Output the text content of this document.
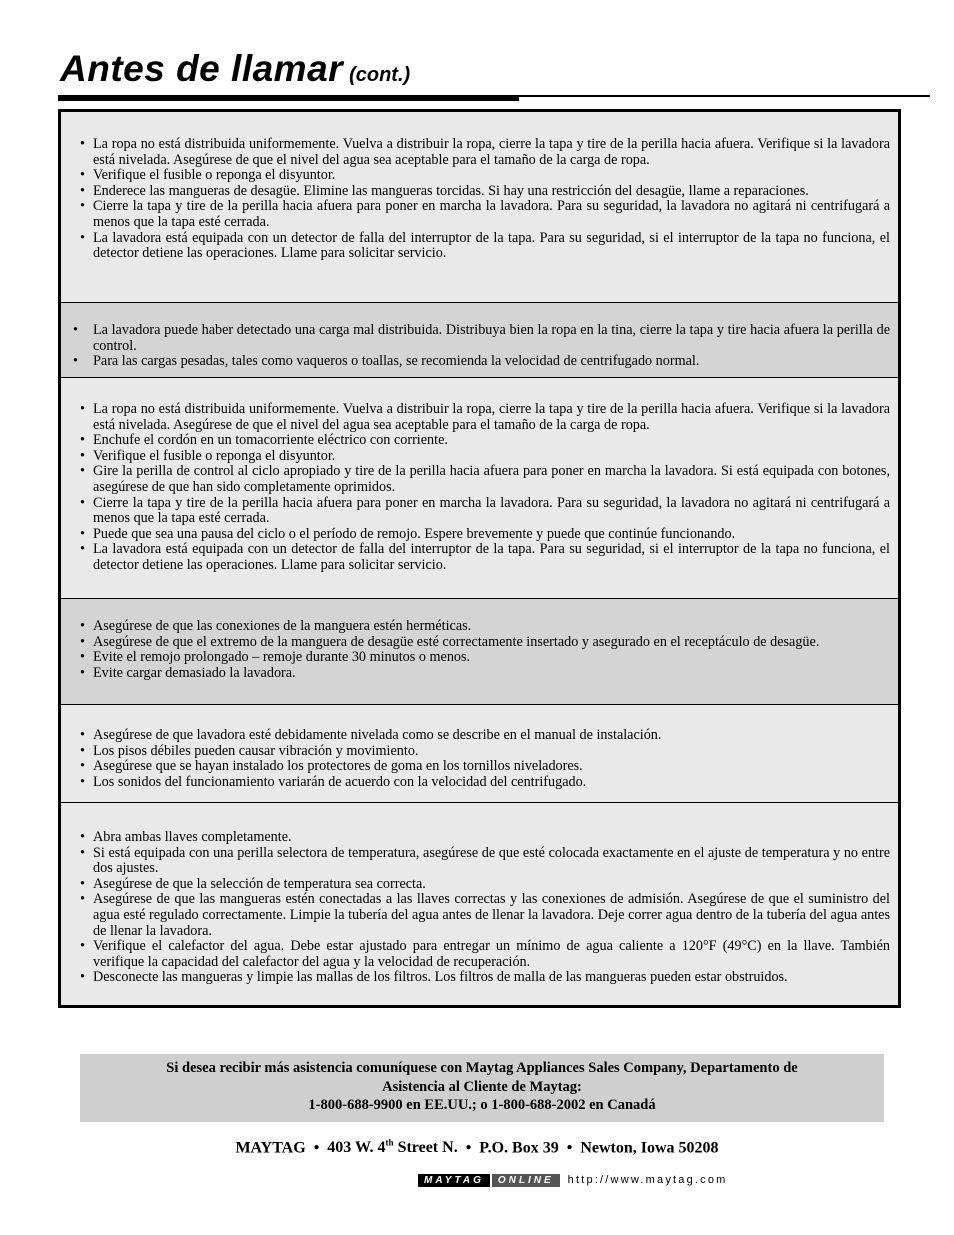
Antes de llamar (cont.)
• La ropa no está distribuida uniformemente. Vuelva a distribuir la ropa, cierre la tapa y tire de la perilla hacia afuera. Verifique si la lavadora está nivelada. Asegúrese de que el nivel del agua sea aceptable para el tamaño de la carga de ropa.
• Verifique el fusible o reponga el disyuntor.
• Enderece las mangueras de desagüe. Elimine las mangueras torcidas. Si hay una restricción del desagüe, llame a reparaciones.
• Cierre la tapa y tire de la perilla hacia afuera para poner en marcha la lavadora. Para su seguridad, la lavadora no agitará ni centrifugará a menos que la tapa esté cerrada.
• La lavadora está equipada con un detector de falla del interruptor de la tapa. Para su seguridad, si el interruptor de la tapa no funciona, el detector detiene las operaciones. Llame para solicitar servicio.
• La lavadora puede haber detectado una carga mal distribuida. Distribuya bien la ropa en la tina, cierre la tapa y tire hacia afuera la perilla de control.
• Para las cargas pesadas, tales como vaqueros o toallas, se recomienda la velocidad de centrifugado normal.
• La ropa no está distribuida uniformemente. Vuelva a distribuir la ropa, cierre la tapa y tire de la perilla hacia afuera. Verifique si la lavadora está nivelada. Asegúrese de que el nivel del agua sea aceptable para el tamaño de la carga de ropa.
• Enchufe el cordón en un tomacorriente eléctrico con corriente.
• Verifique el fusible o reponga el disyuntor.
• Gire la perilla de control al ciclo apropiado y tire de la perilla hacia afuera para poner en marcha la lavadora. Si está equipada con botones, asegúrese de que han sido completamente oprimidos.
• Cierre la tapa y tire de la perilla hacia afuera para poner en marcha la lavadora. Para su seguridad, la lavadora no agitará ni centrifugará a menos que la tapa esté cerrada.
• Puede que sea una pausa del ciclo o el período de remojo. Espere brevemente y puede que continúe funcionando.
• La lavadora está equipada con un detector de falla del interruptor de la tapa. Para su seguridad, si el interruptor de la tapa no funciona, el detector detiene las operaciones. Llame para solicitar servicio.
• Asegúrese de que las conexiones de la manguera estén herméticas.
• Asegúrese de que el extremo de la manguera de desagüe esté correctamente insertado y asegurado en el receptáculo de desagüe.
• Evite el remojo prolongado – remoje durante 30 minutos o menos.
• Evite cargar demasiado la lavadora.
• Asegúrese de que lavadora esté debidamente nivelada como se describe en el manual de instalación.
• Los pisos débiles pueden causar vibración y movimiento.
• Asegúrese que se hayan instalado los protectores de goma en los tornillos niveladores.
• Los sonidos del funcionamiento variarán de acuerdo con la velocidad del centrifugado.
• Abra ambas llaves completamente.
• Si está equipada con una perilla selectora de temperatura, asegúrese de que esté colocada exactamente en el ajuste de temperatura y no entre dos ajustes.
• Asegúrese de que la selección de temperatura sea correcta.
• Asegúrese de que las mangueras estén conectadas a las llaves correctas y las conexiones de admisión. Asegúrese de que el suministro del agua esté regulado correctamente. Limpie la tubería del agua antes de llenar la lavadora. Deje correr agua dentro de la tubería del agua antes de llenar la lavadora.
• Verifique el calefactor del agua. Debe estar ajustado para entregar un mínimo de agua caliente a 120°F (49°C) en la llave. También verifique la capacidad del calefactor del agua y la velocidad de recuperación.
• Desconecte las mangueras y limpie las mallas de los filtros. Los filtros de malla de las mangueras pueden estar obstruidos.
Si desea recibir más asistencia comuníquese con Maytag Appliances Sales Company, Departamento de
Asistencia al Cliente de Maytag:
1-800-688-9900 en EE.UU.; o 1-800-688-2002 en Canadá
MAYTAG • 403 W. 4th Street N. • P.O. Box 39 • Newton, Iowa 50208
MAYTAG	ONLINE	http://www.maytag.com
